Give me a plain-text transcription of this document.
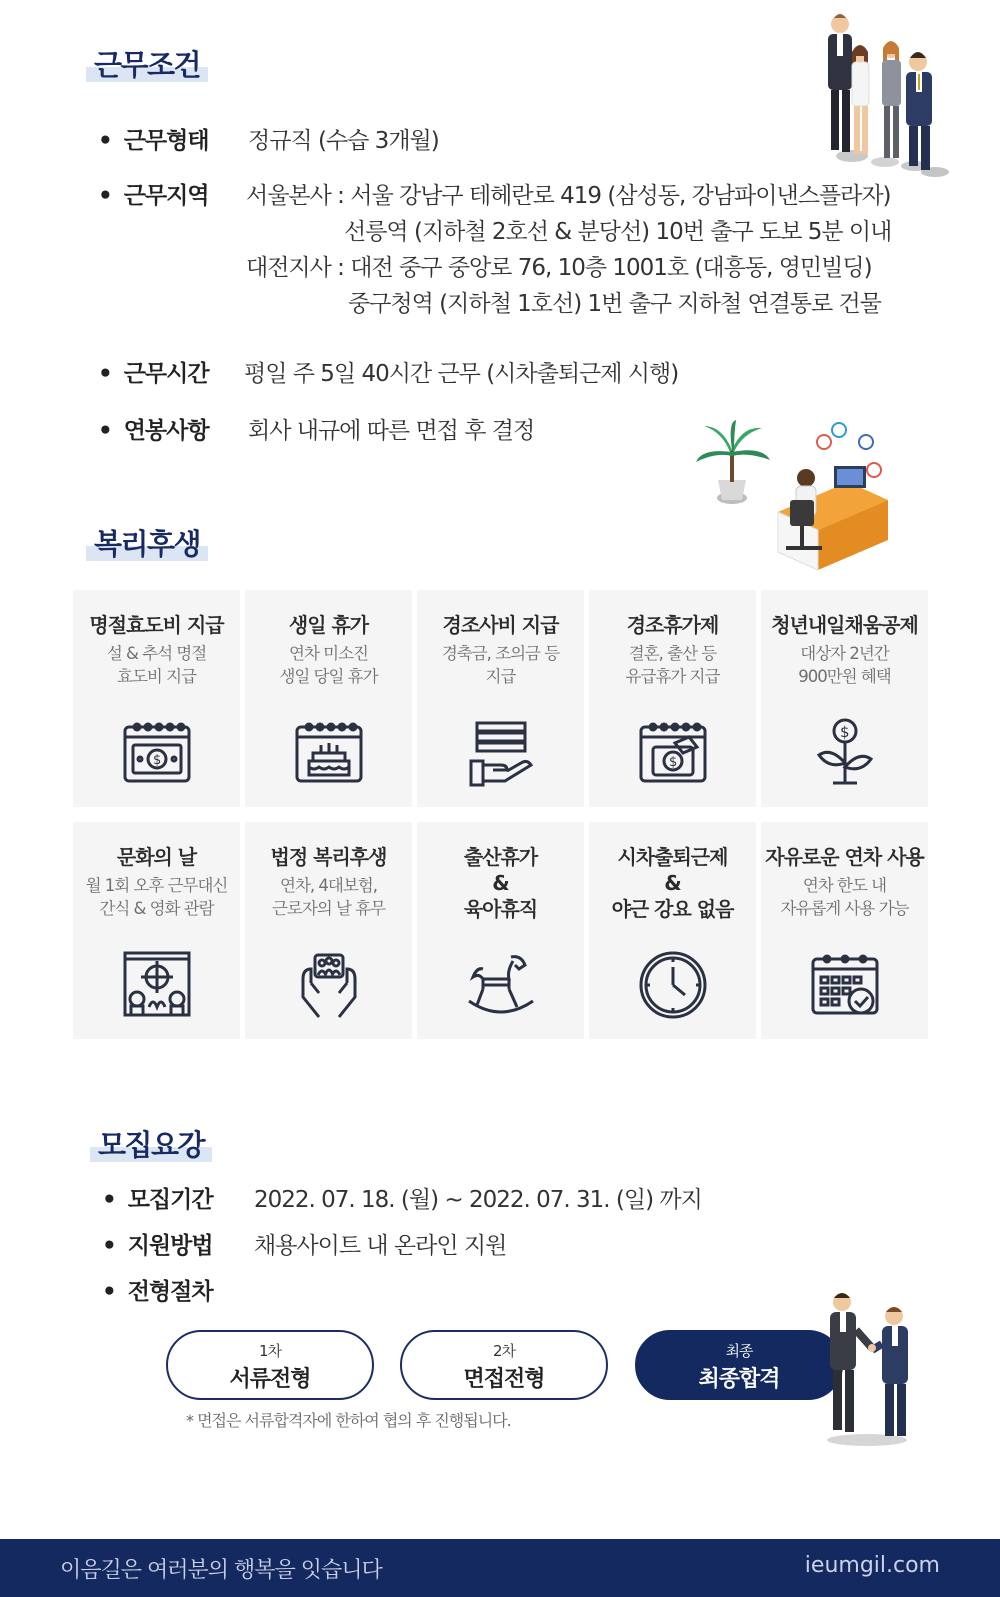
근무조건
• 근무형태 정규직 (수습 3개월)
• 근무지역 서울본사 : 서울 강남구 테헤란로 419 (삼성동, 강남파이낸스플라자)
선릉역 (지하철 2호선 & 분당선) 10번 출구 도보 5분 이내
대전지사 : 대전 중구 중앙로 76, 10층 1001호 (대흥동, 영민빌딩)
중구청역 (지하철 1호선) 1번 출구 지하철 연결통로 건물
• 근무시간 평일 주 5일 40시간 근무 (시차출퇴근제 시행)
• 연봉사항 회사 내규에 따른 면접 후 결정
복리후생
명절효도비 지급
설 & 추석 명절
효도비 지급
$
생일 휴가
연차 미소진
생일 당일 휴가
경조사비 지급
경축금, 조의금 등
지급
경조휴가제
결혼, 출산 등
유급휴가 지급
$
청년내일채움공제
대상자 2년간
900만원 혜택
$
문화의 날
월 1회 오후 근무대신
간식 & 영화 관람
법정 복리후생
연차, 4대보험,
근로자의 날 휴무
출산휴가
&
육아휴직
시차출퇴근제
&
야근 강요 없음
자유로운 연차 사용
연차 한도 내
자유롭게 사용 가능
모집요강
• 모집기간 2022. 07. 18. (월) ~ 2022. 07. 31. (일) 까지
• 지원방법 채용사이트 내 온라인 지원
• 전형절차
1차
서류전형
2차
면접전형
최종
최종합격
* 면접은 서류합격자에 한하여 협의 후 진행됩니다.
이음길은 여러분의 행복을 잇습니다	ieumgil.com
